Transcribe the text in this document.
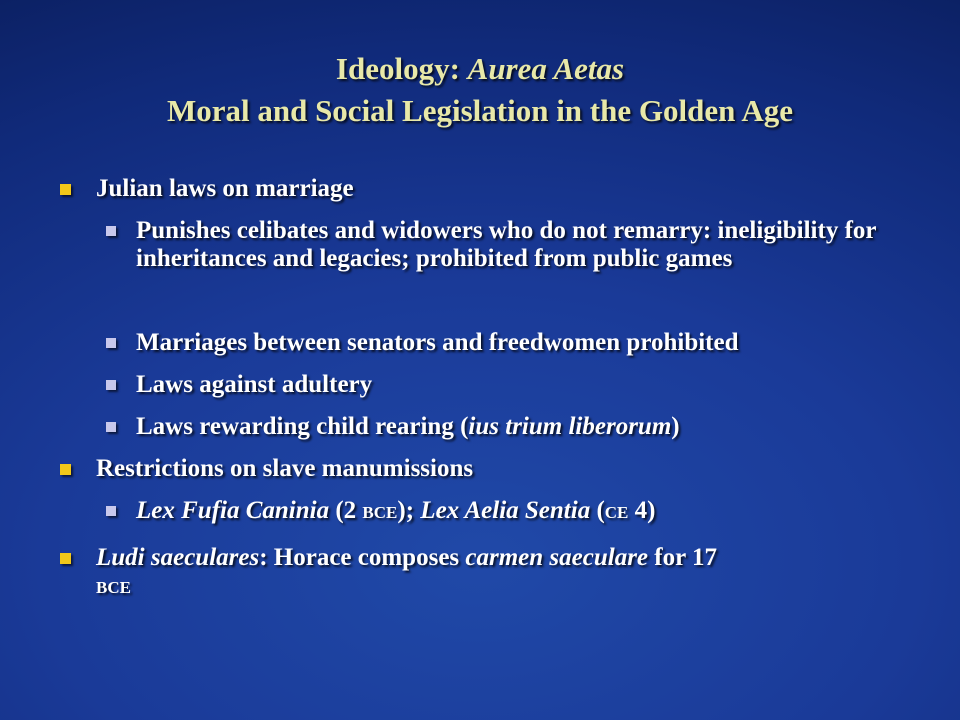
Ideology: Aurea Aetas
Moral and Social Legislation in the Golden Age
Julian laws on marriage
Punishes celibates and widowers who do not remarry: ineligibility for inheritances and legacies; prohibited from public games
Marriages between senators and freedwomen prohibited
Laws against adultery
Laws rewarding child rearing (ius trium liberorum)
Restrictions on slave manumissions
Lex Fufia Caninia (2 BCE); Lex Aelia Sentia (CE 4)
Ludi saeculares: Horace composes carmen saeculare for 17
BCE
